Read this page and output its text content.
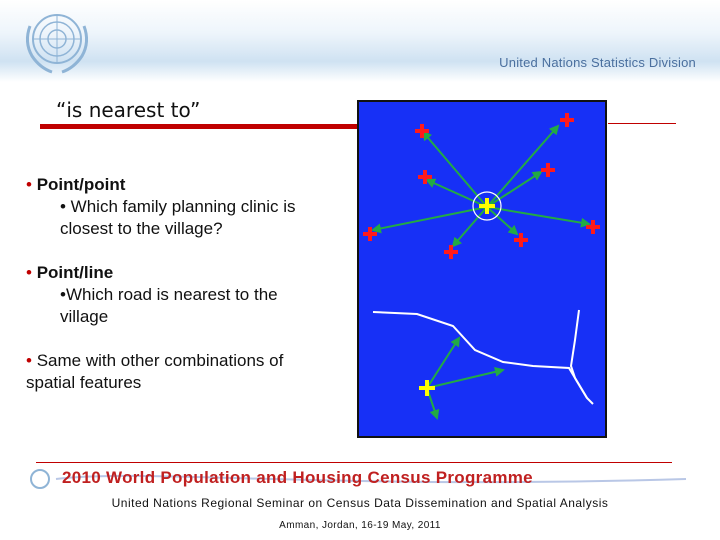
United Nations Statistics Division
“is nearest to”
• Point/point
• Which family planning clinic is
closest to the village?
• Point/line
•Which road is nearest to the
village
• Same with other combinations of
spatial features
2010 World Population and Housing Census Programme
United Nations Regional Seminar on Census Data Dissemination and Spatial Analysis
Amman, Jordan, 16-19 May, 2011
